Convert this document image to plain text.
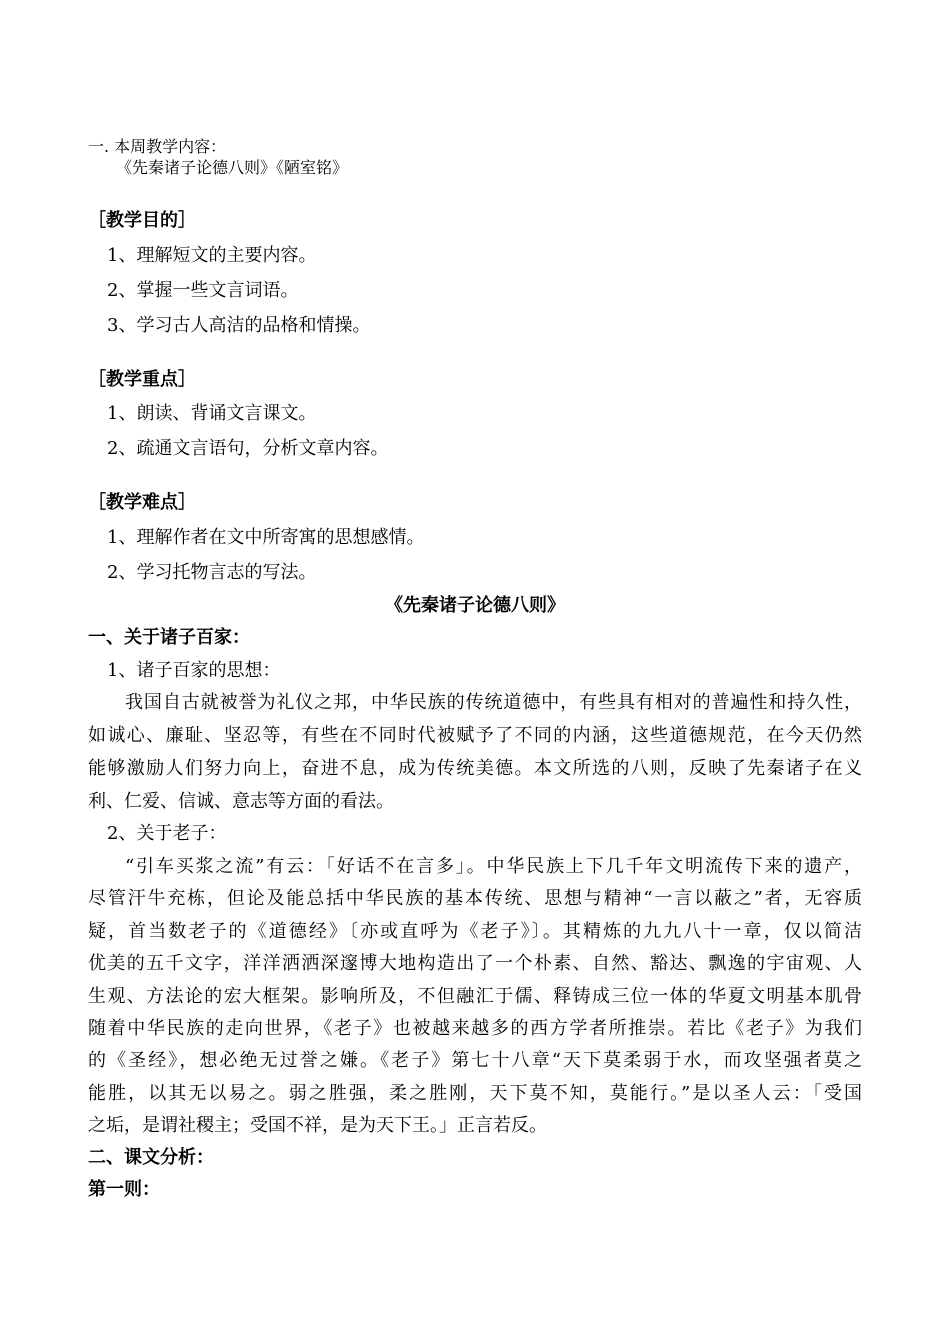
一. 本周教学内容：
《先秦诸子论德八则》《陋室铭》
［教学目的］
1、理解短文的主要内容。
2、掌握一些文言词语。
3、学习古人高洁的品格和情操。
［教学重点］
1、朗读、背诵文言课文。
2、疏通文言语句，分析文章内容。
［教学难点］
1、理解作者在文中所寄寓的思想感情。
2、学习托物言志的写法。
《先秦诸子论德八则》
一、关于诸子百家：
1、诸子百家的思想：
我国自古就被誉为礼仪之邦，中华民族的传统道德中，有些具有相对的普遍性和持久性，
如诚心、廉耻、坚忍等，有些在不同时代被赋予了不同的内涵，这些道德规范，在今天仍然
能够激励人们努力向上，奋进不息，成为传统美德。本文所选的八则，反映了先秦诸子在义
利、仁爱、信诚、意志等方面的看法。
2、关于老子：
“引车买浆之流”有云：「好话不在言多」。中华民族上下几千年文明流传下来的遗产，
尽管汗牛充栋，但论及能总括中华民族的基本传统、思想与精神“一言以蔽之”者，无容质
疑，首当数老子的《道德经》〔亦或直呼为《老子》〕。其精炼的九九八十一章，仅以简洁
优美的五千文字，洋洋洒洒深邃博大地构造出了一个朴素、自然、豁达、飘逸的宇宙观、人
生观、方法论的宏大框架。影响所及，不但融汇于儒、释铸成三位一体的华夏文明基本肌骨
随着中华民族的走向世界，《老子》也被越来越多的西方学者所推崇。若比《老子》为我们
的《圣经》，想必绝无过誉之嫌。《老子》第七十八章“天下莫柔弱于水，而攻坚强者莫之
能胜，以其无以易之。弱之胜强，柔之胜刚，天下莫不知，莫能行。”是以圣人云：「受国
之垢，是谓社稷主；受国不祥，是为天下王。」正言若反。
二、课文分析：
第一则：
